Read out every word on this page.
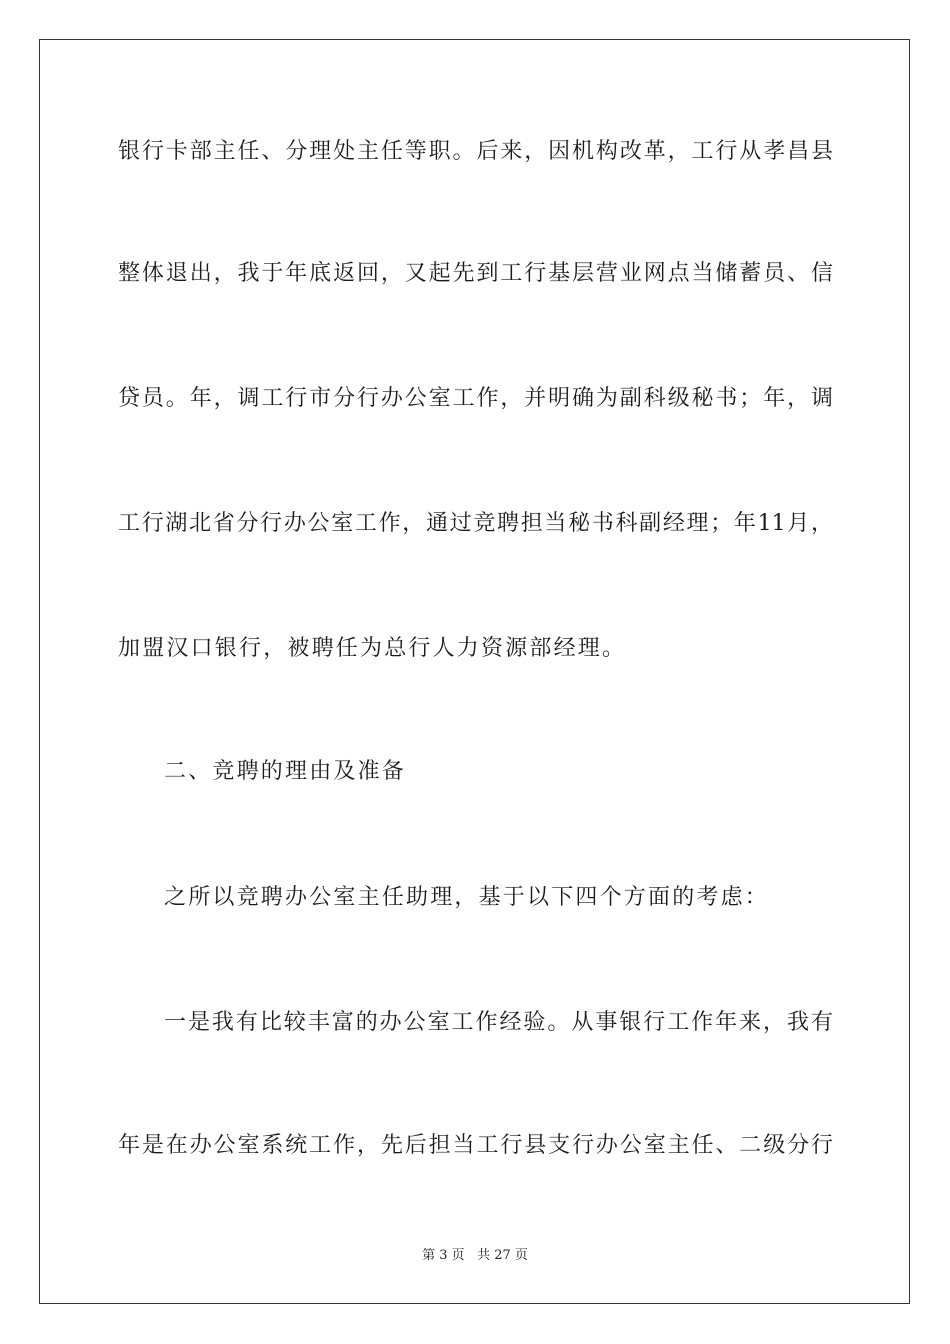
银行卡部主任、分理处主任等职。后来，因机构改革，工行从孝昌县
整体退出，我于年底返回，又起先到工行基层营业网点当储蓄员、信
贷员。年，调工行市分行办公室工作，并明确为副科级秘书；年，调
工行湖北省分行办公室工作，通过竞聘担当秘书科副经理；年11月，
加盟汉口银行，被聘任为总行人力资源部经理。
二、竞聘的理由及准备
之所以竞聘办公室主任助理，基于以下四个方面的考虑：
一是我有比较丰富的办公室工作经验。从事银行工作年来，我有
年是在办公室系统工作，先后担当工行县支行办公室主任、二级分行
第 3 页 共 27 页
